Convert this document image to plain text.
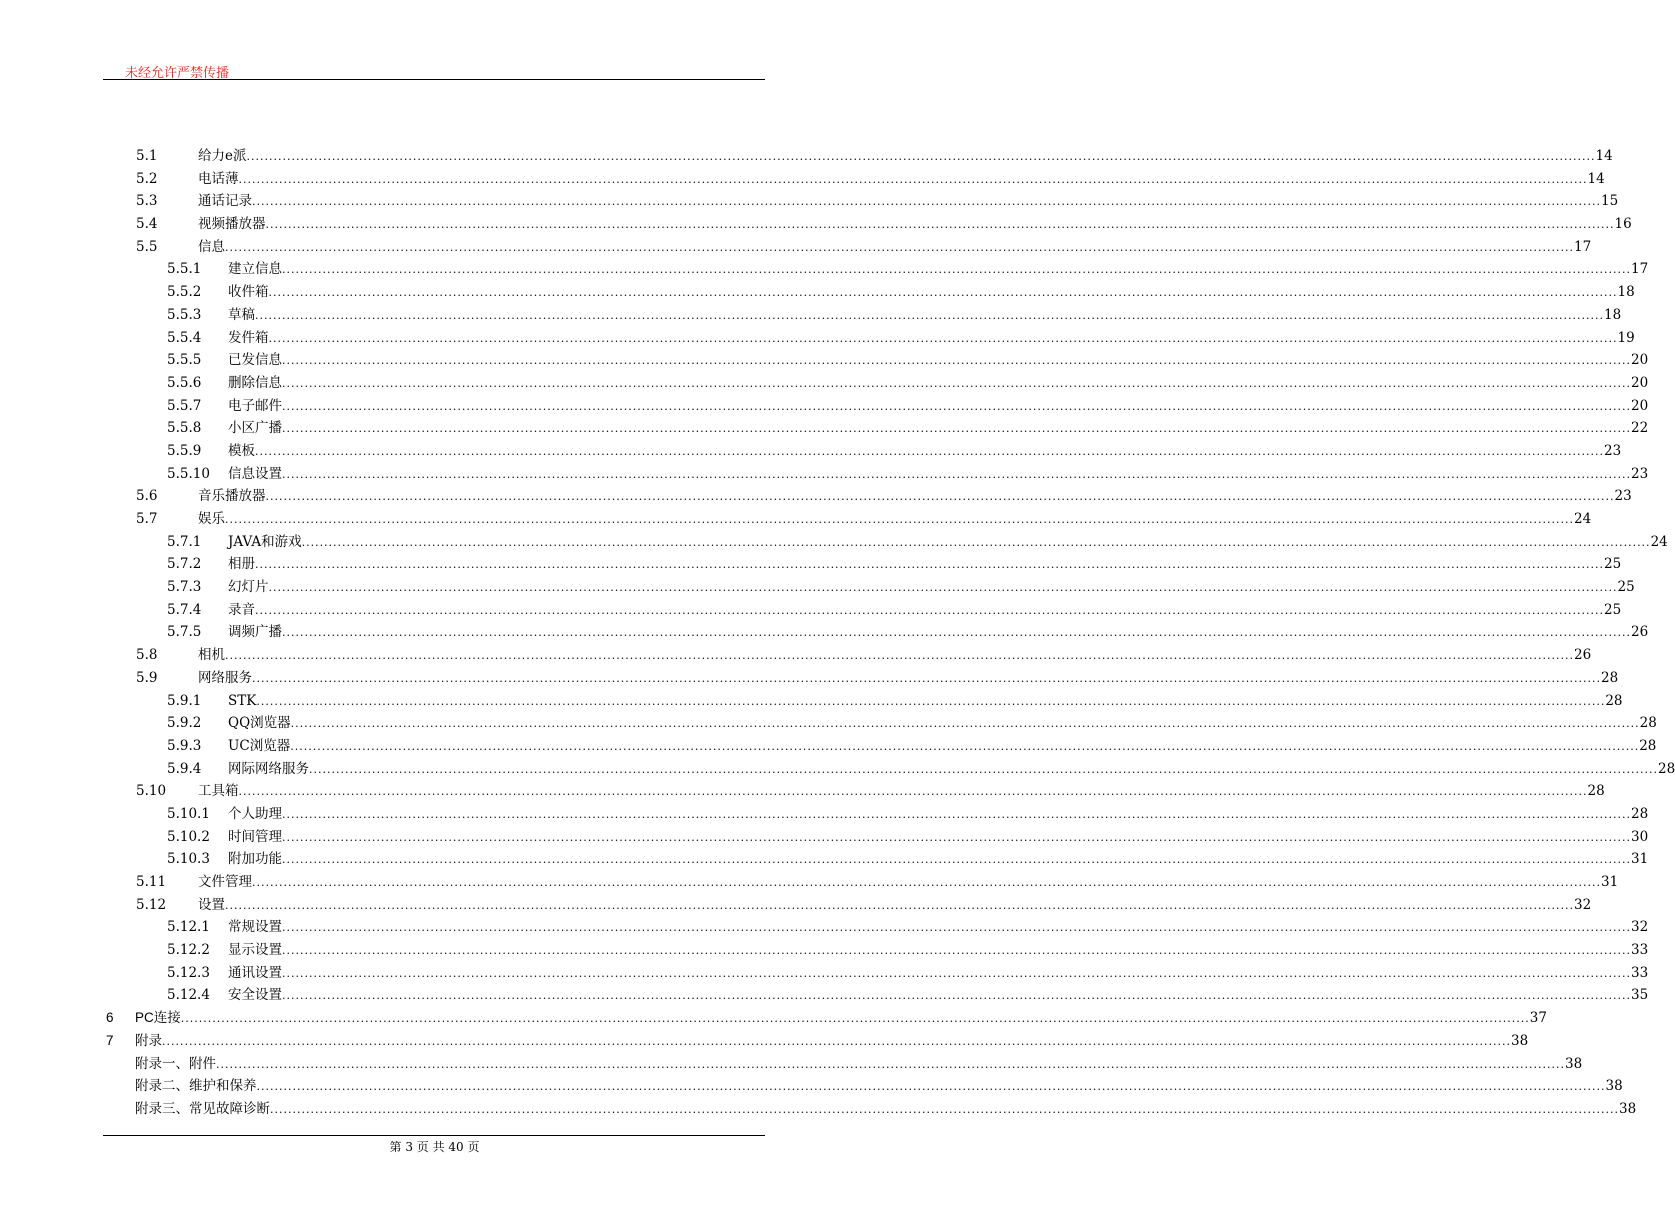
未经允许严禁传播
5.1	给力e派 ............................................................................................................................................................................................................................................................................................................ 14
5.2	电话薄 ............................................................................................................................................................................................................................................................................................................ 14
5.3	通话记录 ............................................................................................................................................................................................................................................................................................................ 15
5.4	视频播放器 ............................................................................................................................................................................................................................................................................................................ 16
5.5	信息 ............................................................................................................................................................................................................................................................................................................ 17
5.5.1 建立信息 ............................................................................................................................................................................................................................................................................................................ 17
5.5.2 收件箱 ............................................................................................................................................................................................................................................................................................................ 18
5.5.3 草稿 ............................................................................................................................................................................................................................................................................................................ 18
5.5.4 发件箱 ............................................................................................................................................................................................................................................................................................................ 19
5.5.5 已发信息 ............................................................................................................................................................................................................................................................................................................ 20
5.5.6 删除信息 ............................................................................................................................................................................................................................................................................................................ 20
5.5.7 电子邮件 ............................................................................................................................................................................................................................................................................................................ 20
5.5.8 小区广播 ............................................................................................................................................................................................................................................................................................................ 22
5.5.9 模板 ............................................................................................................................................................................................................................................................................................................ 23
5.5.10 信息设置 ............................................................................................................................................................................................................................................................................................................ 23
5.6	音乐播放器 ............................................................................................................................................................................................................................................................................................................ 23
5.7	娱乐 ............................................................................................................................................................................................................................................................................................................ 24
5.7.1 JAVA和游戏 ............................................................................................................................................................................................................................................................................................................ 24
5.7.2 相册 ............................................................................................................................................................................................................................................................................................................ 25
5.7.3 幻灯片 ............................................................................................................................................................................................................................................................................................................ 25
5.7.4 录音 ............................................................................................................................................................................................................................................................................................................ 25
5.7.5 调频广播 ............................................................................................................................................................................................................................................................................................................ 26
5.8	相机 ............................................................................................................................................................................................................................................................................................................ 26
5.9	网络服务 ............................................................................................................................................................................................................................................................................................................ 28
5.9.1 STK ............................................................................................................................................................................................................................................................................................................ 28
5.9.2 QQ浏览器 ............................................................................................................................................................................................................................................................................................................ 28
5.9.3 UC浏览器 ............................................................................................................................................................................................................................................................................................................ 28
5.9.4 网际网络服务 ............................................................................................................................................................................................................................................................................................................ 28
5.10 工具箱 ............................................................................................................................................................................................................................................................................................................ 28
5.10.1 个人助理 ............................................................................................................................................................................................................................................................................................................ 28
5.10.2 时间管理 ............................................................................................................................................................................................................................................................................................................ 30
5.10.3 附加功能 ............................................................................................................................................................................................................................................................................................................ 31
5.11 文件管理 ............................................................................................................................................................................................................................................................................................................ 31
5.12 设置 ............................................................................................................................................................................................................................................................................................................ 32
5.12.1 常规设置 ............................................................................................................................................................................................................................................................................................................ 32
5.12.2 显示设置 ............................................................................................................................................................................................................................................................................................................ 33
5.12.3 通讯设置 ............................................................................................................................................................................................................................................................................................................ 33
5.12.4 安全设置 ............................................................................................................................................................................................................................................................................................................ 35
6 PC连接 ............................................................................................................................................................................................................................................................................................................ 37
7 附录 ............................................................................................................................................................................................................................................................................................................ 38
附录一、附件 ............................................................................................................................................................................................................................................................................................................ 38
附录二、维护和保养 ............................................................................................................................................................................................................................................................................................................ 38
附录三、常见故障诊断 ............................................................................................................................................................................................................................................................................................................ 38
第 3 页 共 40 页
